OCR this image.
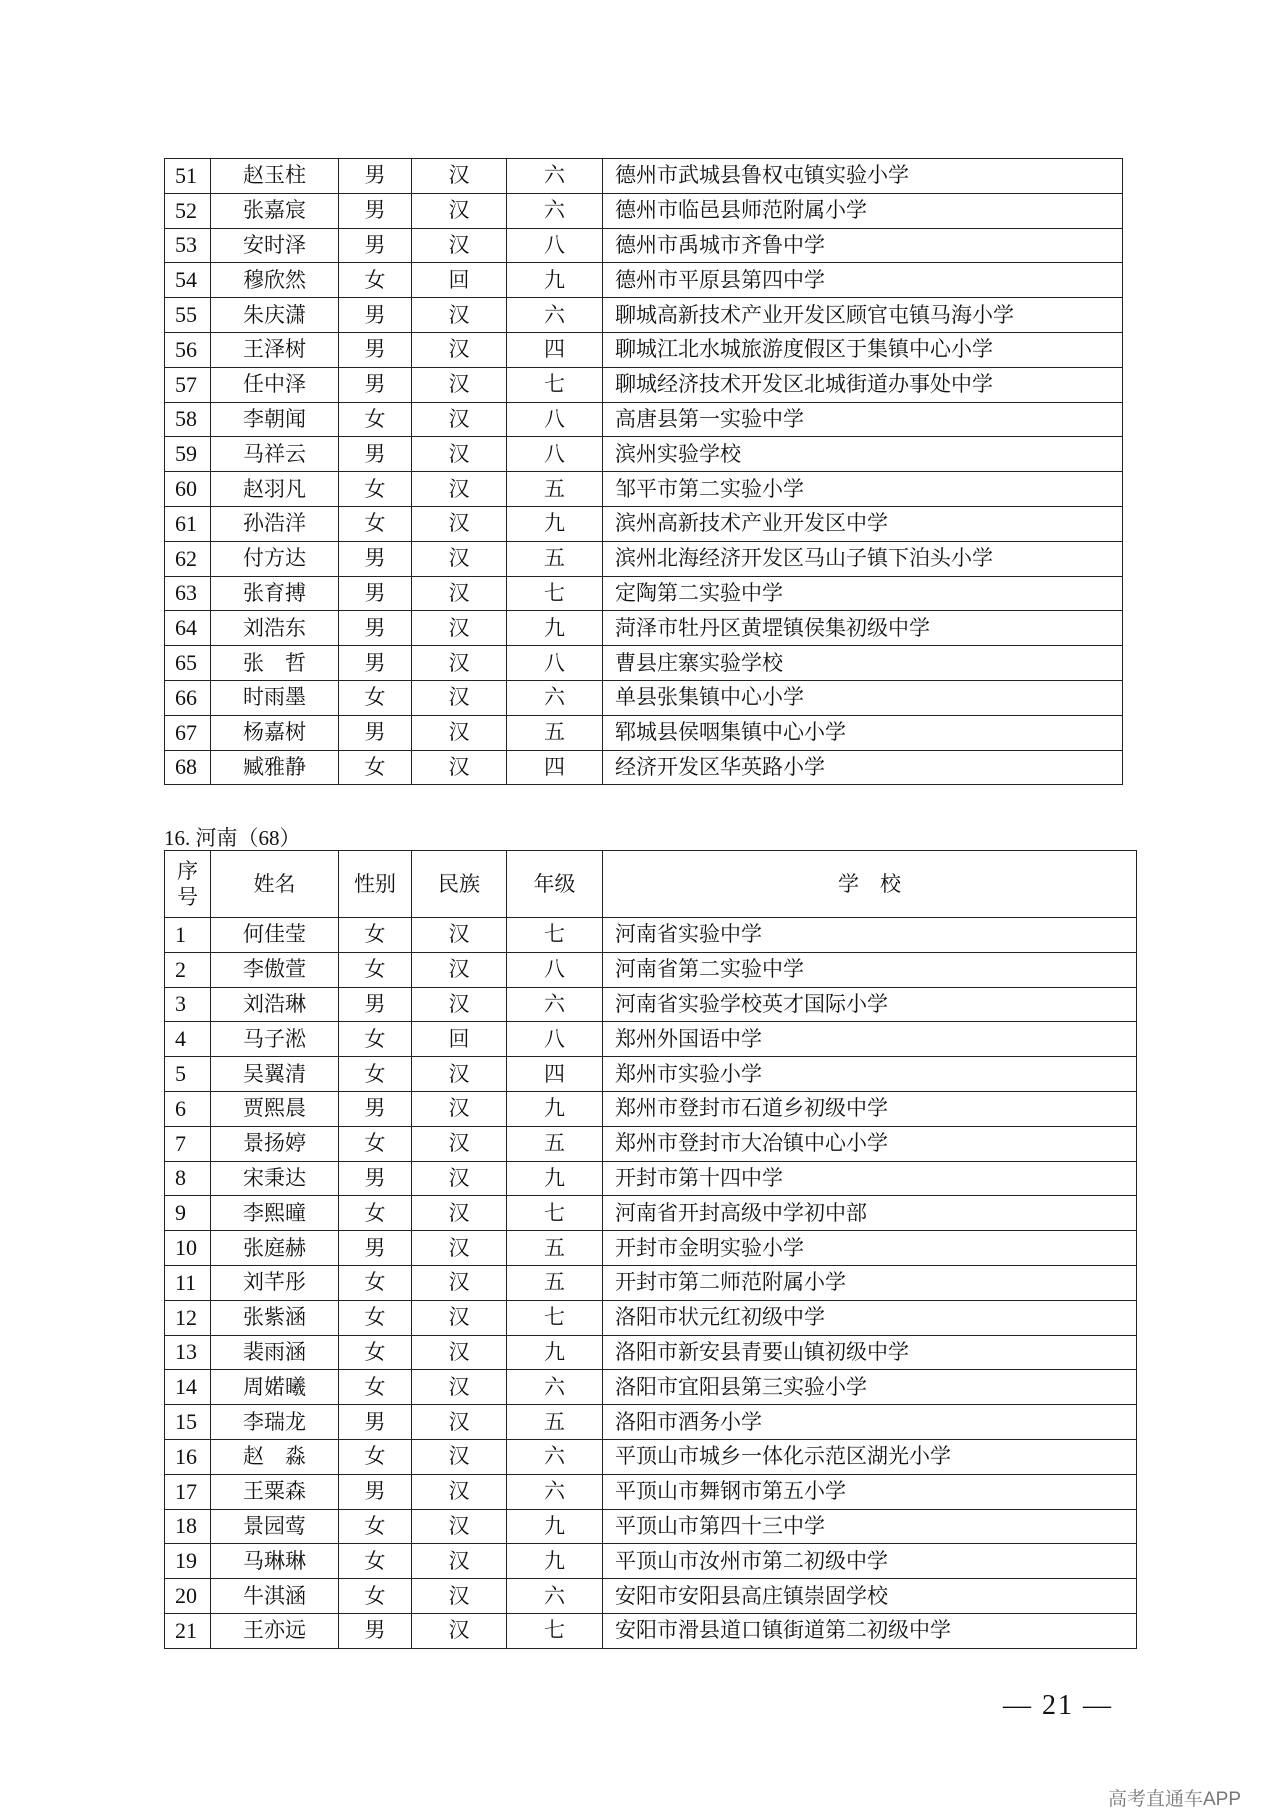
51	赵玉柱	男	汉	六	德州市武城县鲁权屯镇实验小学
52	张嘉宸	男	汉	六	德州市临邑县师范附属小学
53	安时泽	男	汉	八	德州市禹城市齐鲁中学
54	穆欣然	女	回	九	德州市平原县第四中学
55	朱庆潇	男	汉	六	聊城高新技术产业开发区顾官屯镇马海小学
56	王泽树	男	汉	四	聊城江北水城旅游度假区于集镇中心小学
57	任中泽	男	汉	七	聊城经济技术开发区北城街道办事处中学
58	李朝闻	女	汉	八	高唐县第一实验中学
59	马祥云	男	汉	八	滨州实验学校
60	赵羽凡	女	汉	五	邹平市第二实验小学
61	孙浩洋	女	汉	九	滨州高新技术产业开发区中学
62	付方达	男	汉	五	滨州北海经济开发区马山子镇下泊头小学
63	张育搏	男	汉	七	定陶第二实验中学
64	刘浩东	男	汉	九	菏泽市牡丹区黄堽镇侯集初级中学
65	张　哲	男	汉	八	曹县庄寨实验学校
66	时雨墨	女	汉	六	单县张集镇中心小学
67	杨嘉树	男	汉	五	郓城县侯咽集镇中心小学
68	臧雅静	女	汉	四	经济开发区华英路小学
16. 河南（68）
序
号	姓名	性别	民族	年级	学　校
1	何佳莹	女	汉	七	河南省实验中学
2	李傲萱	女	汉	八	河南省第二实验中学
3	刘浩琳	男	汉	六	河南省实验学校英才国际小学
4	马子淞	女	回	八	郑州外国语中学
5	吴翼清	女	汉	四	郑州市实验小学
6	贾熙晨	男	汉	九	郑州市登封市石道乡初级中学
7	景扬婷	女	汉	五	郑州市登封市大冶镇中心小学
8	宋秉达	男	汉	九	开封市第十四中学
9	李熙曈	女	汉	七	河南省开封高级中学初中部
10	张庭赫	男	汉	五	开封市金明实验小学
11	刘芊彤	女	汉	五	开封市第二师范附属小学
12	张紫涵	女	汉	七	洛阳市状元红初级中学
13	裴雨涵	女	汉	九	洛阳市新安县青要山镇初级中学
14	周婼曦	女	汉	六	洛阳市宜阳县第三实验小学
15	李瑞龙	男	汉	五	洛阳市酒务小学
16	赵　淼	女	汉	六	平顶山市城乡一体化示范区湖光小学
17	王粟森	男	汉	六	平顶山市舞钢市第五小学
18	景园莺	女	汉	九	平顶山市第四十三中学
19	马琳琳	女	汉	九	平顶山市汝州市第二初级中学
20	牛淇涵	女	汉	六	安阳市安阳县高庄镇崇固学校
21	王亦远	男	汉	七	安阳市滑县道口镇街道第二初级中学
— 21 —
高考直通车APP
